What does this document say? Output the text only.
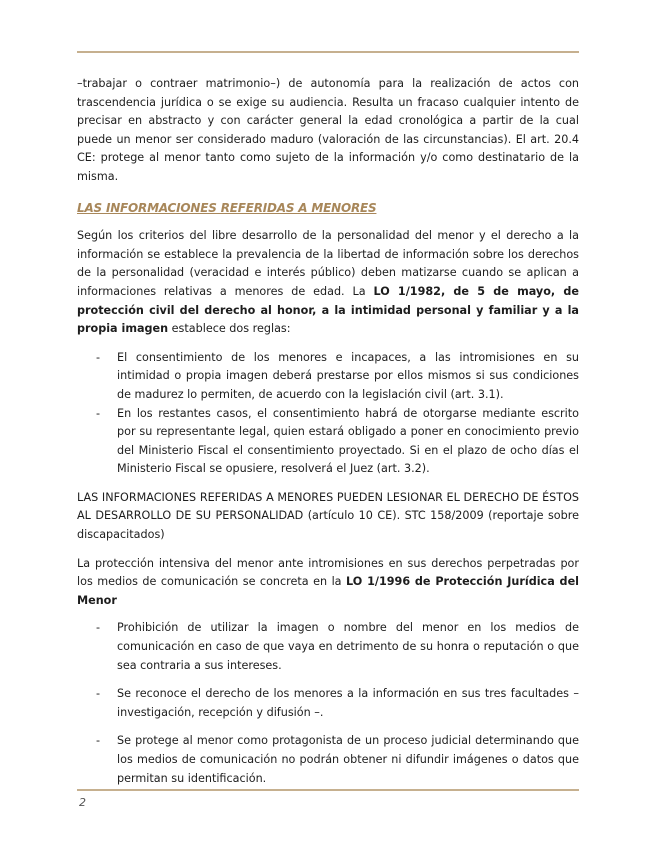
–trabajar o contraer matrimonio–) de autonomía para la realización de actos con trascendencia jurídica o se exige su audiencia. Resulta un fracaso cualquier intento de precisar en abstracto y con carácter general la edad cronológica a partir de la cual puede un menor ser considerado maduro (valoración de las circunstancias). El art. 20.4 CE: protege al menor tanto como sujeto de la información y/o como destinatario de la misma.

LAS INFORMACIONES REFERIDAS A MENORES

Según los criterios del libre desarrollo de la personalidad del menor y el derecho a la información se establece la prevalencia de la libertad de información sobre los derechos de la personalidad (veracidad e interés público) deben matizarse cuando se aplican a informaciones relativas a menores de edad. La LO 1/1982, de 5 de mayo, de protección civil del derecho al honor, a la intimidad personal y familiar y a la propia imagen establece dos reglas:

- El consentimiento de los menores e incapaces, a las intromisiones en su intimidad o propia imagen deberá prestarse por ellos mismos si sus condiciones de madurez lo permiten, de acuerdo con la legislación civil (art. 3.1).
- En los restantes casos, el consentimiento habrá de otorgarse mediante escrito por su representante legal, quien estará obligado a poner en conocimiento previo del Ministerio Fiscal el consentimiento proyectado. Si en el plazo de ocho días el Ministerio Fiscal se opusiere, resolverá el Juez (art. 3.2).

LAS INFORMACIONES REFERIDAS A MENORES PUEDEN LESIONAR EL DERECHO DE ÉSTOS AL DESARROLLO DE SU PERSONALIDAD (artículo 10 CE). STC 158/2009 (reportaje sobre discapacitados)

La protección intensiva del menor ante intromisiones en sus derechos perpetradas por los medios de comunicación se concreta en la LO 1/1996 de Protección Jurídica del Menor

- Prohibición de utilizar la imagen o nombre del menor en los medios de comunicación en caso de que vaya en detrimento de su honra o reputación o que sea contraria a sus intereses.
- Se reconoce el derecho de los menores a la información en sus tres facultades –investigación, recepción y difusión –.
- Se protege al menor como protagonista de un proceso judicial determinando que los medios de comunicación no podrán obtener ni difundir imágenes o datos que permitan su identificación.
2
